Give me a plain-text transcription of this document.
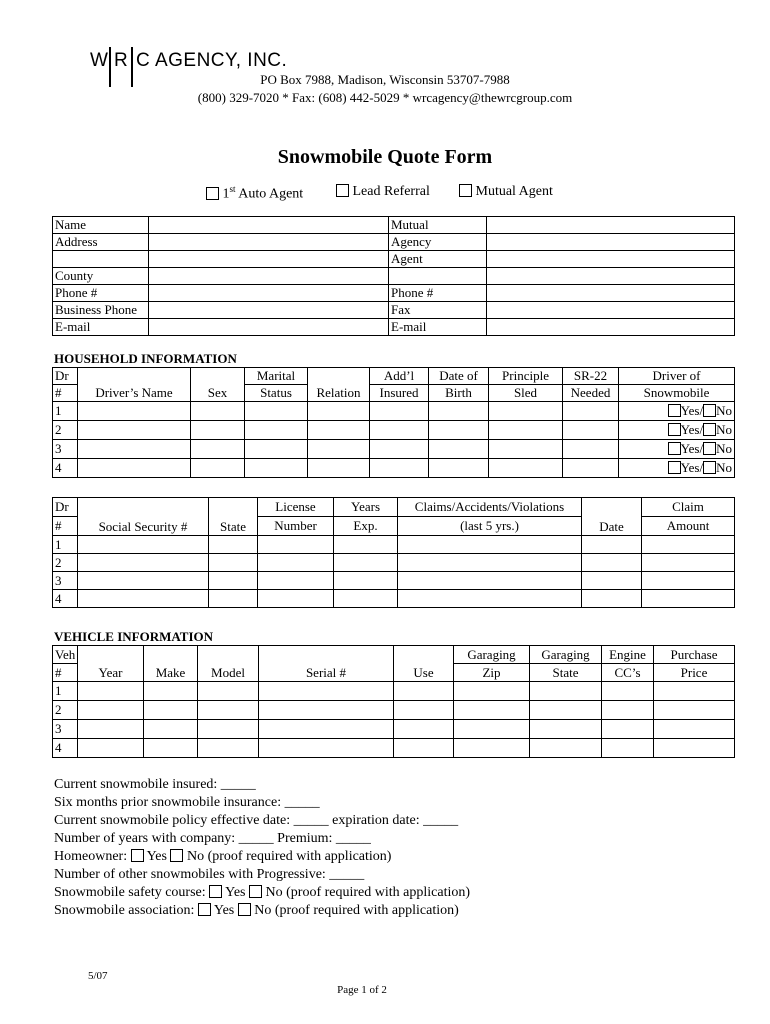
W R C AGENCY, INC.
PO Box 7988, Madison, Wisconsin 53707-7988
(800) 329-7020 * Fax: (608) 442-5029 * wrcagency@thewrcgroup.com
Snowmobile Quote Form
1st Auto Agent	Lead Referral	Mutual Agent
Name		Mutual	
Address		Agency	
		Agent	
County			
Phone #		Phone #	
Business Phone		Fax	
E-mail		E-mail	
HOUSEHOLD INFORMATION
Dr	Driver’s Name	Sex	Marital	Relation	Add’l	Date of	Principle	SR-22	Driver of
#			Status		Insured	Birth	Sled	Needed	Snowmobile
1									Yes/ No
2									Yes/ No
3									Yes/ No
4									Yes/ No
Dr	Social Security #	State	License	Years	Claims/Accidents/Violations	Date	Claim
#			Number	Exp.	(last 5 yrs.)		Amount
1							
2							
3							
4							
VEHICLE INFORMATION
Veh	Year	Make	Model	Serial #	Use	Garaging	Garaging	Engine	Purchase
#						Zip	State	CC’s	Price
1									
2									
3									
4									
Current snowmobile insured: _____
Six months prior snowmobile insurance: _____
Current snowmobile policy effective date: _____ expiration date: _____
Number of years with company: _____ Premium: _____
Homeowner:  Yes  No (proof required with application)
Number of other snowmobiles with Progressive: _____
Snowmobile safety course:  Yes  No (proof required with application)
Snowmobile association:  Yes  No (proof required with application)
5/07
Page 1 of 2
